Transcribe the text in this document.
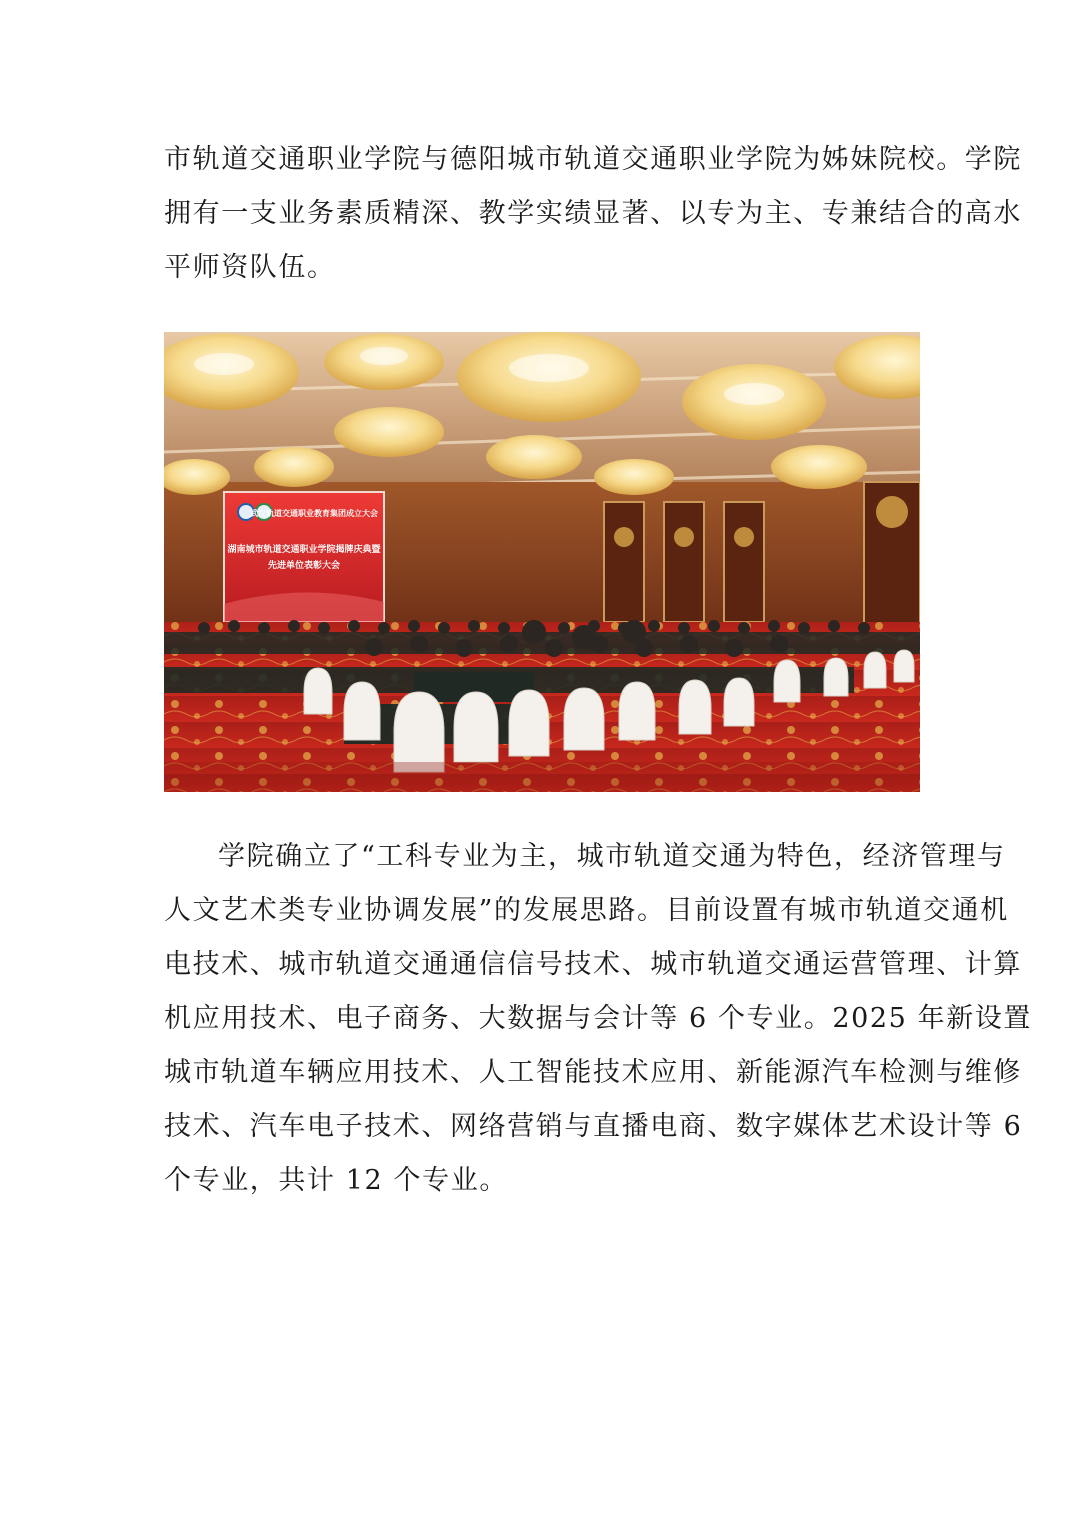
市轨道交通职业学院与德阳城市轨道交通职业学院为姊妹院校。学院
拥有一支业务素质精深、教学实绩显著、以专为主、专兼结合的高水
平师资队伍。

武汉轨道交通职业教育集团成立大会
湖南城市轨道交通职业学院揭牌庆典暨
先进单位表彰大会

学院确立了“工科专业为主，城市轨道交通为特色，经济管理与
人文艺术类专业协调发展”的发展思路。目前设置有城市轨道交通机
电技术、城市轨道交通通信信号技术、城市轨道交通运营管理、计算
机应用技术、电子商务、大数据与会计等 6 个专业。2025 年新设置
城市轨道车辆应用技术、人工智能技术应用、新能源汽车检测与维修
技术、汽车电子技术、网络营销与直播电商、数字媒体艺术设计等 6
个专业，共计 12 个专业。
